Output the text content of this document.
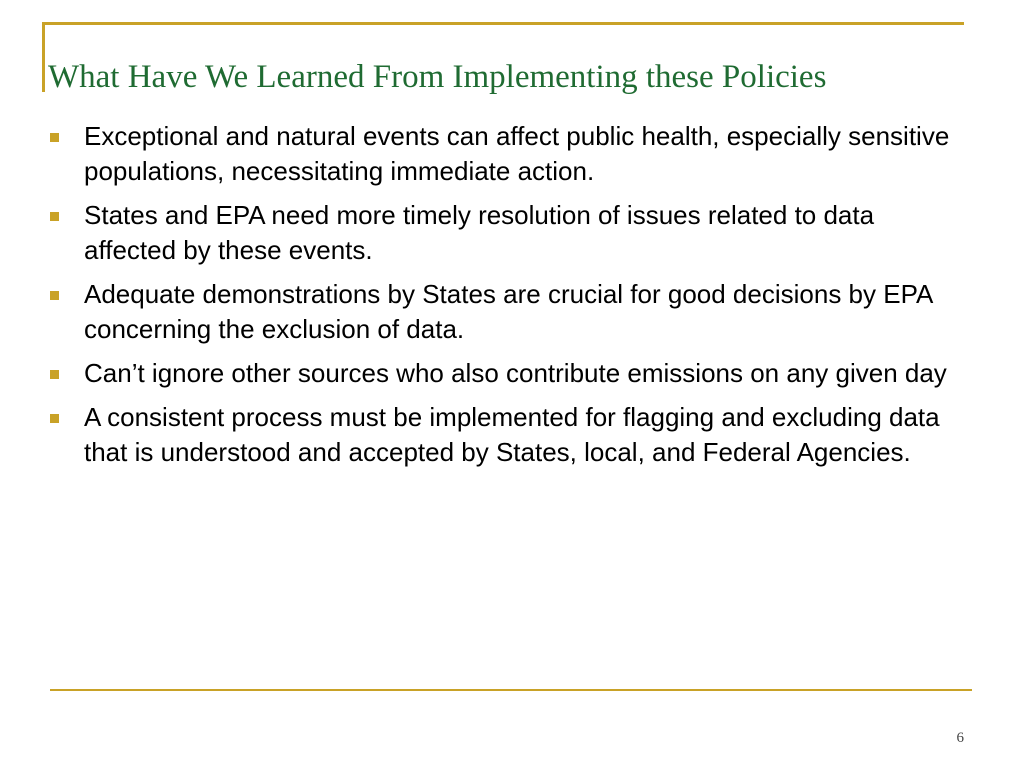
What Have We Learned From Implementing these Policies
Exceptional and natural events can affect public health, especially sensitive populations, necessitating immediate action.
States and EPA need more timely resolution of issues related to data affected by these events.
Adequate demonstrations by States are crucial for good decisions by EPA concerning the exclusion of data.
Can’t ignore other sources who also contribute emissions on any given day
A consistent process must be implemented for flagging and excluding data that is understood and accepted by States, local, and Federal Agencies.
6
